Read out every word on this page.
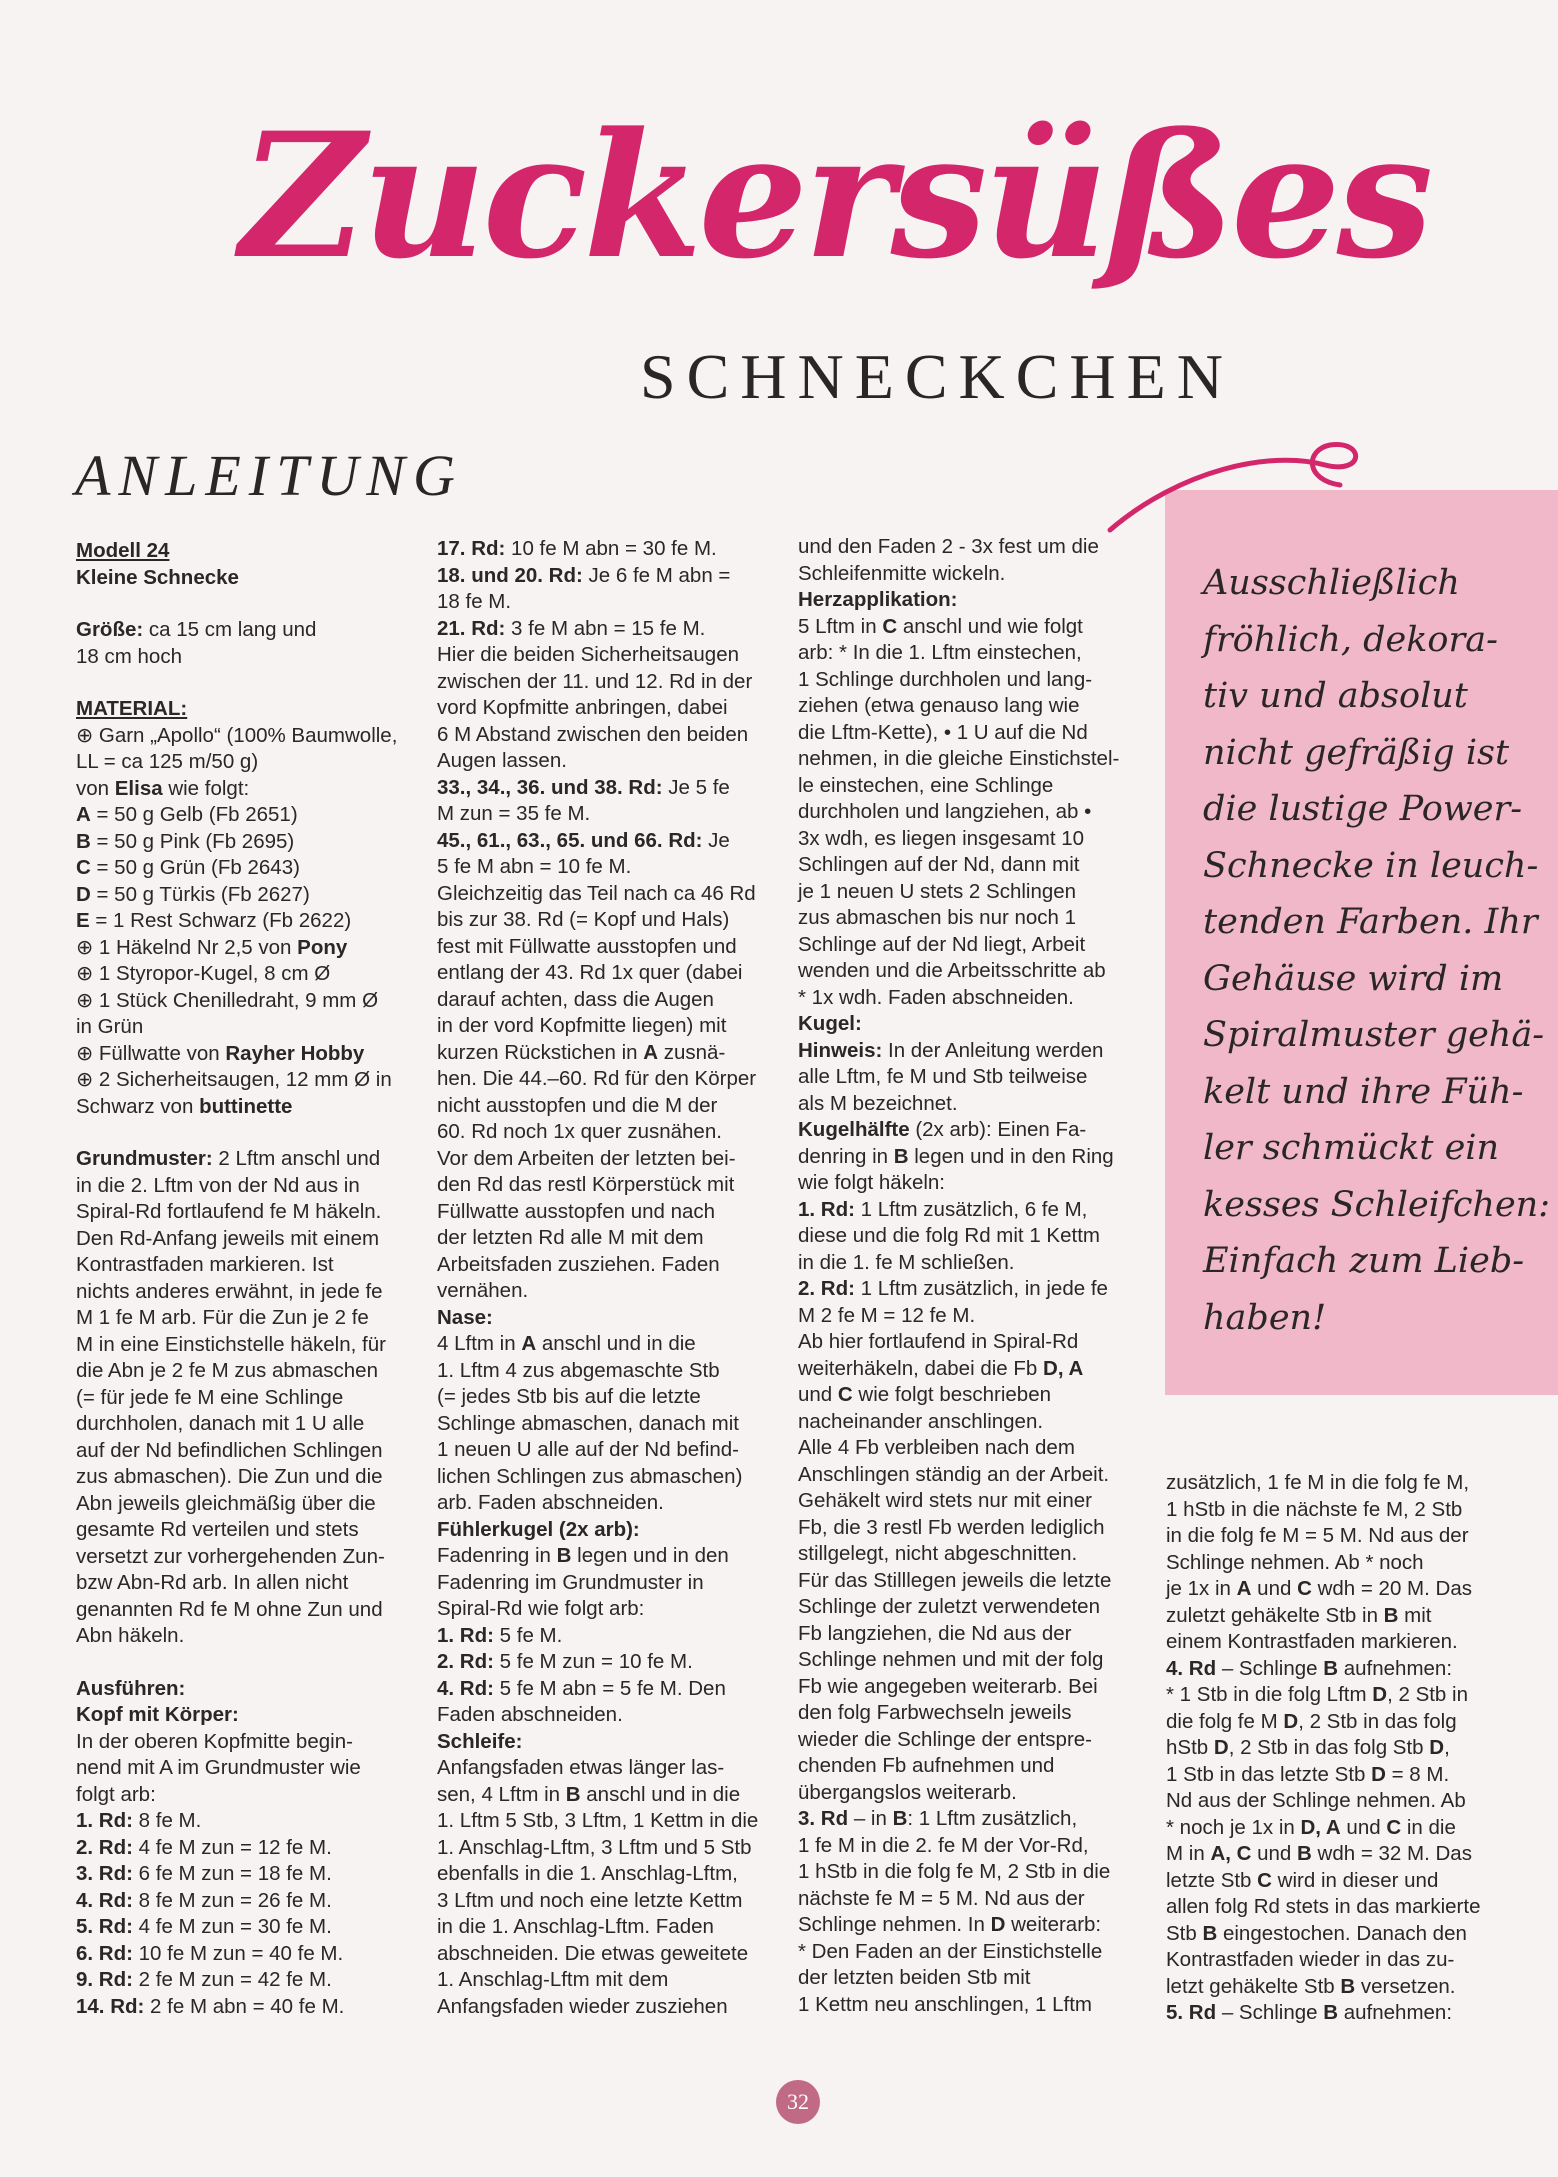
Zuckersüßes
SCHNECKCHEN
ANLEITUNG
Ausschließlich
fröhlich, dekora-
tiv und absolut
nicht gefräßig ist
die lustige Power-
Schnecke in leuch-
tenden Farben. Ihr
Gehäuse wird im
Spiralmuster gehä-
kelt und ihre Füh-
ler schmückt ein
kesses Schleifchen:
Einfach zum Lieb-
haben!
Modell 24
Kleine Schnecke
Größe: ca 15 cm lang und
18 cm hoch
MATERIAL:
⊕ Garn „Apollo“ (100% Baumwolle,
LL = ca 125 m/50 g)
von Elisa wie folgt:
A = 50 g Gelb (Fb 2651)
B = 50 g Pink (Fb 2695)
C = 50 g Grün (Fb 2643)
D = 50 g Türkis (Fb 2627)
E = 1 Rest Schwarz (Fb 2622)
⊕ 1 Häkelnd Nr 2,5 von Pony
⊕ 1 Styropor-Kugel, 8 cm Ø
⊕ 1 Stück Chenilledraht, 9 mm Ø
in Grün
⊕ Füllwatte von Rayher Hobby
⊕ 2 Sicherheitsaugen, 12 mm Ø in
Schwarz von buttinette
Grundmuster: 2 Lftm anschl und
in die 2. Lftm von der Nd aus in
Spiral-Rd fortlaufend fe M häkeln.
Den Rd-Anfang jeweils mit einem
Kontrastfaden markieren. Ist
nichts anderes erwähnt, in jede fe
M 1 fe M arb. Für die Zun je 2 fe
M in eine Einstichstelle häkeln, für
die Abn je 2 fe M zus abmaschen
(= für jede fe M eine Schlinge
durchholen, danach mit 1 U alle
auf der Nd befindlichen Schlingen
zus abmaschen). Die Zun und die
Abn jeweils gleichmäßig über die
gesamte Rd verteilen und stets
versetzt zur vorhergehenden Zun-
bzw Abn-Rd arb. In allen nicht
genannten Rd fe M ohne Zun und
Abn häkeln.
Ausführen:
Kopf mit Körper:
In der oberen Kopfmitte begin-
nend mit A im Grundmuster wie
folgt arb:
1. Rd: 8 fe M.
2. Rd: 4 fe M zun = 12 fe M.
3. Rd: 6 fe M zun = 18 fe M.
4. Rd: 8 fe M zun = 26 fe M.
5. Rd: 4 fe M zun = 30 fe M.
6. Rd: 10 fe M zun = 40 fe M.
9. Rd: 2 fe M zun = 42 fe M.
14. Rd: 2 fe M abn = 40 fe M.
17. Rd: 10 fe M abn = 30 fe M.
18. und 20. Rd: Je 6 fe M abn =
18 fe M.
21. Rd: 3 fe M abn = 15 fe M.
Hier die beiden Sicherheitsaugen
zwischen der 11. und 12. Rd in der
vord Kopfmitte anbringen, dabei
6 M Abstand zwischen den beiden
Augen lassen.
33., 34., 36. und 38. Rd: Je 5 fe
M zun = 35 fe M.
45., 61., 63., 65. und 66. Rd: Je
5 fe M abn = 10 fe M.
Gleichzeitig das Teil nach ca 46 Rd
bis zur 38. Rd (= Kopf und Hals)
fest mit Füllwatte ausstopfen und
entlang der 43. Rd 1x quer (dabei
darauf achten, dass die Augen
in der vord Kopfmitte liegen) mit
kurzen Rückstichen in A zusnä-
hen. Die 44.–60. Rd für den Körper
nicht ausstopfen und die M der
60. Rd noch 1x quer zusnähen.
Vor dem Arbeiten der letzten bei-
den Rd das restl Körperstück mit
Füllwatte ausstopfen und nach
der letzten Rd alle M mit dem
Arbeitsfaden zusziehen. Faden
vernähen.
Nase:
4 Lftm in A anschl und in die
1. Lftm 4 zus abgemaschte Stb
(= jedes Stb bis auf die letzte
Schlinge abmaschen, danach mit
1 neuen U alle auf der Nd befind-
lichen Schlingen zus abmaschen)
arb. Faden abschneiden.
Fühlerkugel (2x arb):
Fadenring in B legen und in den
Fadenring im Grundmuster in
Spiral-Rd wie folgt arb:
1. Rd: 5 fe M.
2. Rd: 5 fe M zun = 10 fe M.
4. Rd: 5 fe M abn = 5 fe M. Den
Faden abschneiden.
Schleife:
Anfangsfaden etwas länger las-
sen, 4 Lftm in B anschl und in die
1. Lftm 5 Stb, 3 Lftm, 1 Kettm in die
1. Anschlag-Lftm, 3 Lftm und 5 Stb
ebenfalls in die 1. Anschlag-Lftm,
3 Lftm und noch eine letzte Kettm
in die 1. Anschlag-Lftm. Faden
abschneiden. Die etwas geweitete
1. Anschlag-Lftm mit dem
Anfangsfaden wieder zusziehen
und den Faden 2 - 3x fest um die
Schleifenmitte wickeln.
Herzapplikation:
5 Lftm in C anschl und wie folgt
arb: * In die 1. Lftm einstechen,
1 Schlinge durchholen und lang-
ziehen (etwa genauso lang wie
die Lftm-Kette), • 1 U auf die Nd
nehmen, in die gleiche Einstichstel-
le einstechen, eine Schlinge
durchholen und langziehen, ab •
3x wdh, es liegen insgesamt 10
Schlingen auf der Nd, dann mit
je 1 neuen U stets 2 Schlingen
zus abmaschen bis nur noch 1
Schlinge auf der Nd liegt, Arbeit
wenden und die Arbeitsschritte ab
* 1x wdh. Faden abschneiden.
Kugel:
Hinweis: In der Anleitung werden
alle Lftm, fe M und Stb teilweise
als M bezeichnet.
Kugelhälfte (2x arb): Einen Fa-
denring in B legen und in den Ring
wie folgt häkeln:
1. Rd: 1 Lftm zusätzlich, 6 fe M,
diese und die folg Rd mit 1 Kettm
in die 1. fe M schließen.
2. Rd: 1 Lftm zusätzlich, in jede fe
M 2 fe M = 12 fe M.
Ab hier fortlaufend in Spiral-Rd
weiterhäkeln, dabei die Fb D, A
und C wie folgt beschrieben
nacheinander anschlingen.
Alle 4 Fb verbleiben nach dem
Anschlingen ständig an der Arbeit.
Gehäkelt wird stets nur mit einer
Fb, die 3 restl Fb werden lediglich
stillgelegt, nicht abgeschnitten.
Für das Stilllegen jeweils die letzte
Schlinge der zuletzt verwendeten
Fb langziehen, die Nd aus der
Schlinge nehmen und mit der folg
Fb wie angegeben weiterarb. Bei
den folg Farbwechseln jeweils
wieder die Schlinge der entspre-
chenden Fb aufnehmen und
übergangslos weiterarb.
3. Rd – in B: 1 Lftm zusätzlich,
1 fe M in die 2. fe M der Vor-Rd,
1 hStb in die folg fe M, 2 Stb in die
nächste fe M = 5 M. Nd aus der
Schlinge nehmen. In D weiterarb:
* Den Faden an der Einstichstelle
der letzten beiden Stb mit
1 Kettm neu anschlingen, 1 Lftm
zusätzlich, 1 fe M in die folg fe M,
1 hStb in die nächste fe M, 2 Stb
in die folg fe M = 5 M. Nd aus der
Schlinge nehmen. Ab * noch
je 1x in A und C wdh = 20 M. Das
zuletzt gehäkelte Stb in B mit
einem Kontrastfaden markieren.
4. Rd – Schlinge B aufnehmen:
* 1 Stb in die folg Lftm D, 2 Stb in
die folg fe M D, 2 Stb in das folg
hStb D, 2 Stb in das folg Stb D,
1 Stb in das letzte Stb D = 8 M.
Nd aus der Schlinge nehmen. Ab
* noch je 1x in D, A und C in die
M in A, C und B wdh = 32 M. Das
letzte Stb C wird in dieser und
allen folg Rd stets in das markierte
Stb B eingestochen. Danach den
Kontrastfaden wieder in das zu-
letzt gehäkelte Stb B versetzen.
5. Rd – Schlinge B aufnehmen:
32
